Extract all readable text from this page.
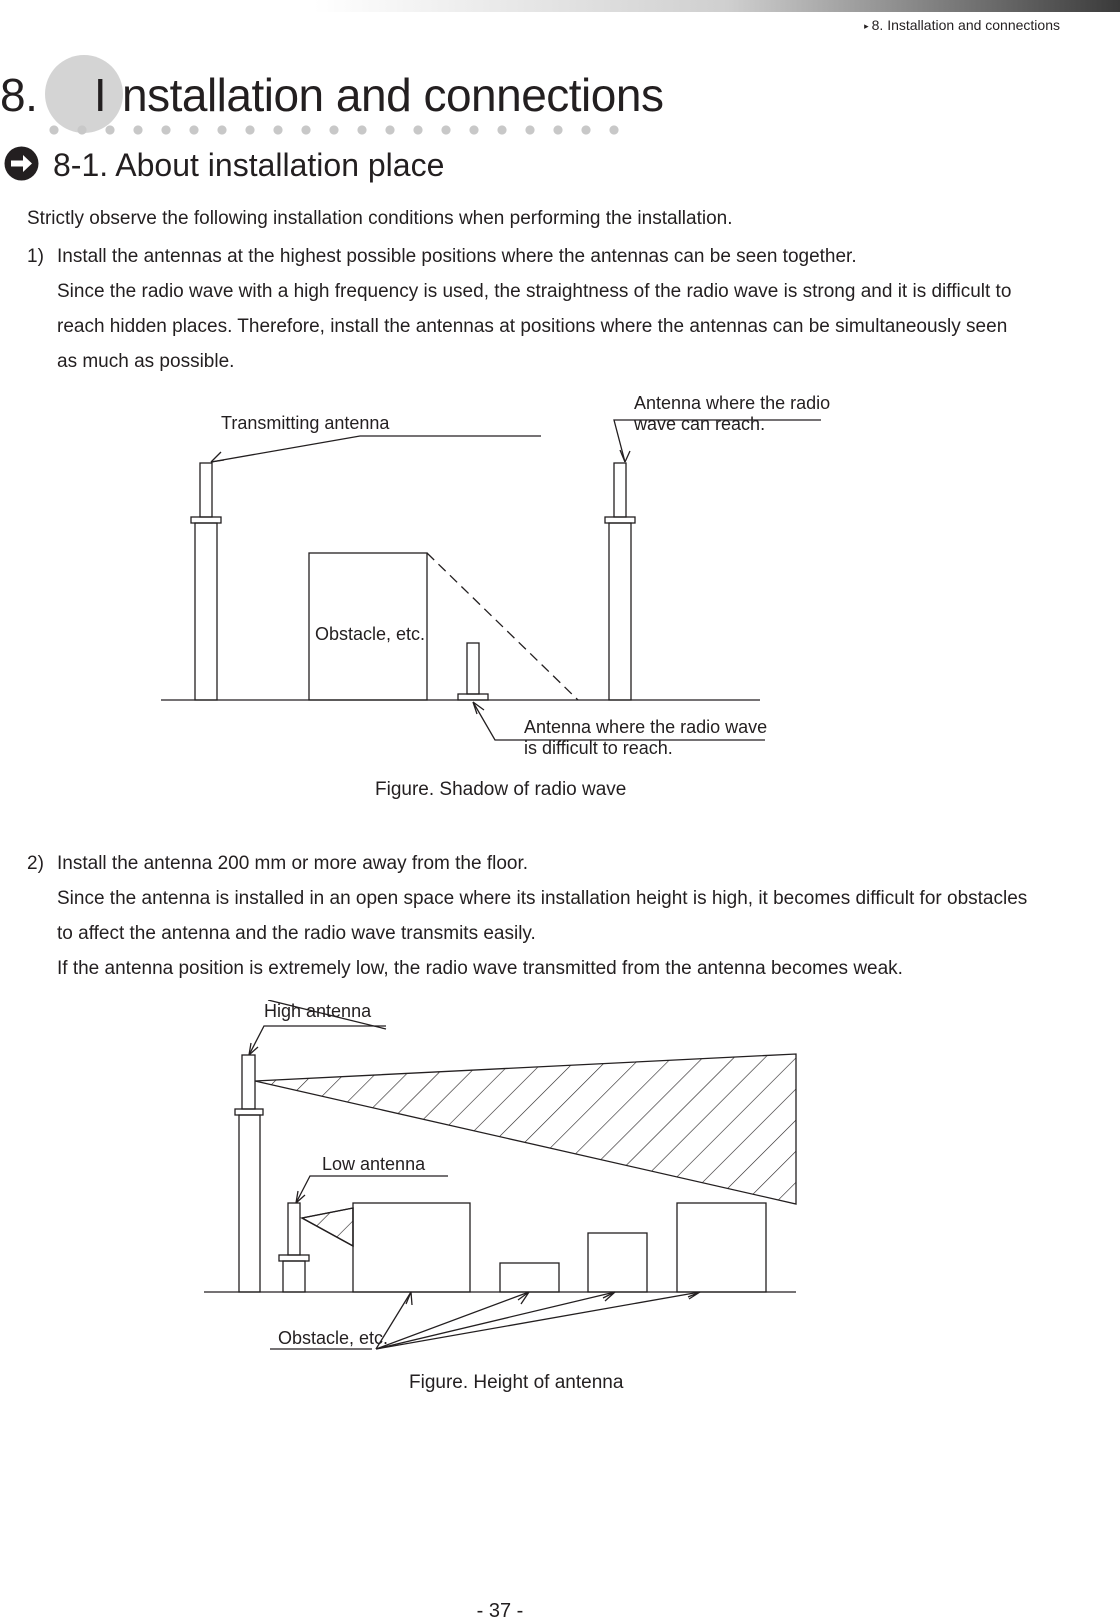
▸ 8. Installation and connections
8. I nstallation and connections
8-1. About installation place
Strictly observe the following installation conditions when performing the installation.
1) Install the antennas at the highest possible positions where the antennas can be seen together.
Since the radio wave with a high frequency is used, the straightness of the radio wave is strong and it is difficult to
reach hidden places. Therefore, install the antennas at positions where the antennas can be simultaneously seen
as much as possible.
Transmitting antenna
Antenna where the radio
wave can reach.
Obstacle, etc.
Antenna where the radio wave
is difficult to reach.
Figure. Shadow of radio wave
2) Install the antenna 200 mm or more away from the floor.
Since the antenna is installed in an open space where its installation height is high, it becomes difficult for obstacles
to affect the antenna and the radio wave transmits easily.
If the antenna position is extremely low, the radio wave transmitted from the antenna becomes weak.
High antenna
Low antenna
Obstacle, etc.
Figure. Height of antenna
- 37 -
